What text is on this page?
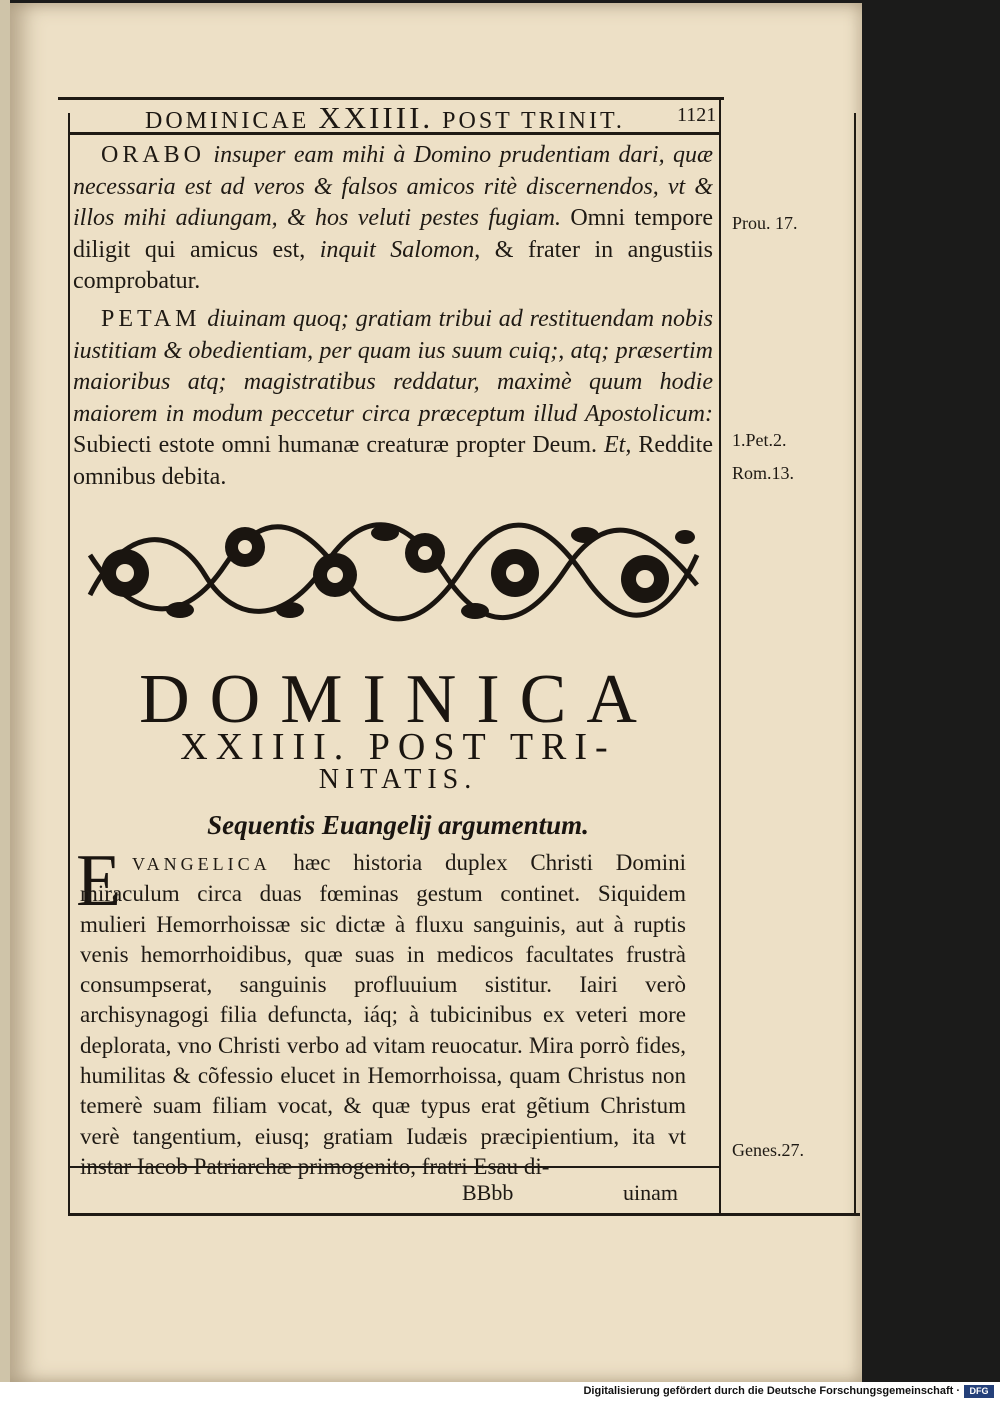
DOMINICAE XXIIII. POST TRINIT.	1121
ORABO insuper eam mihi à Domino prudentiam dari, quæ necessaria est ad veros & falsos amicos ritè discernendos, vt & illos mihi adiungam, & hos veluti pestes fugiam. Omni tempore diligit qui amicus est, inquit Salomon, & frater in angustiis comprobatur.
PETAM diuinam quoq; gratiam tribui ad restituendam nobis iustitiam & obedientiam, per quam ius suum cuiq;, atq; præsertim maioribus atq; magistratibus reddatur, maximè quum hodie maiorem in modum peccetur circa præceptum illud Apostolicum: Subiecti estote omni humanæ creaturæ propter Deum. Et, Reddite omnibus debita.
Prou. 17.
1.Pet.2.
Rom.13.
Genes.27.
DOMINICA
XXIIII. POST TRI-
NITATIS.
Sequentis Euangelij argumentum.
E VANGELICA hæc historia duplex Christi Domini miraculum circa duas fœminas gestum continet. Siquidem mulieri Hemorrhoissæ sic dictæ à fluxu sanguinis, aut à ruptis venis hemorrhoidibus, quæ suas in medicos facultates frustrà consumpserat, sanguinis profluuium sistitur. Iairi verò archisynagogi filia defuncta, iáq; à tubicinibus ex veteri more deplorata, vno Christi verbo ad vitam reuocatur. Mira porrò fides, humilitas & cõfessio elucet in Hemorrhoissa, quam Christus non temerè suam filiam vocat, & quæ typus erat gẽtium Christum verè tangentium, eiusq; gratiam Iudæis præcipientium, ita vt instar Iacob Patriarchæ primogenito, fratri Esau di-
BBbb	uinam
Digitalisierung gefördert durch die Deutsche Forschungsgemeinschaft ·	DFG
